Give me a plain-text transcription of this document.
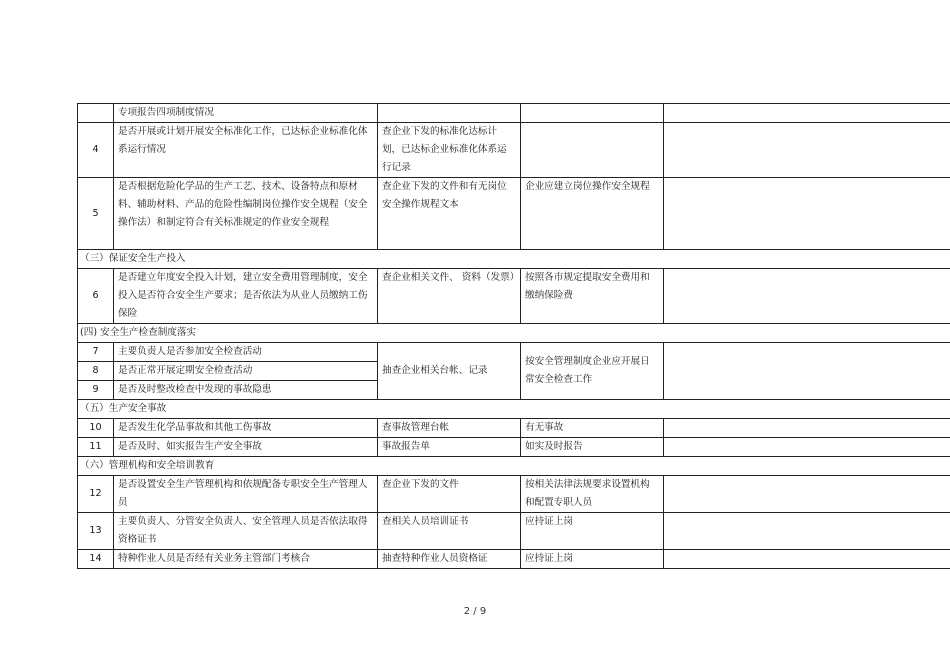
	专项报告四项制度情况			
4	是否开展或计划开展安全标准化工作，已达标企业标准化体系运行情况	查企业下发的标准化达标计划，已达标企业标准化体系运行记录		
5	是否根据危险化学品的生产工艺、技术、设备特点和原材料、辅助材料、产品的危险性编制岗位操作安全规程（安全操作法）和制定符合有关标准规定的作业安全规程	查企业下发的文件和有无岗位安全操作规程文本	企业应建立岗位操作安全规程	
（三）保证安全生产投入				
6	是否建立年度安全投入计划，建立安全费用管理制度，安全投入是否符合安全生产要求；是否依法为从业人员缴纳工伤保险	查企业相关文件、 资料（发票）	按照各市规定提取安全费用和缴纳保险费	
(四) 安全生产检查制度落实				
7	主要负责人是否参加安全检查活动	抽查企业相关台帐、记录	按安全管理制度企业应开展日常安全检查工作	
8	是否正常开展定期安全检查活动			
9	是否及时整改检查中发现的事故隐患			
（五）生产安全事故				
10	是否发生化学品事故和其他工伤事故	查事故管理台帐	有无事故	
11	是否及时、如实报告生产安全事故	事故报告单	如实及时报告	
（六）管理机构和安全培训教育				
12	是否设置安全生产管理机构和依规配备专职安全生产管理人员	查企业下发的文件	按相关法律法规要求设置机构和配置专职人员	
13	主要负责人、分管安全负责人、安全管理人员是否依法取得资格证书	查相关人员培训证书	应持证上岗	
14	特种作业人员是否经有关业务主管部门考核合	抽查特种作业人员资格证	应持证上岗	
2 / 9
